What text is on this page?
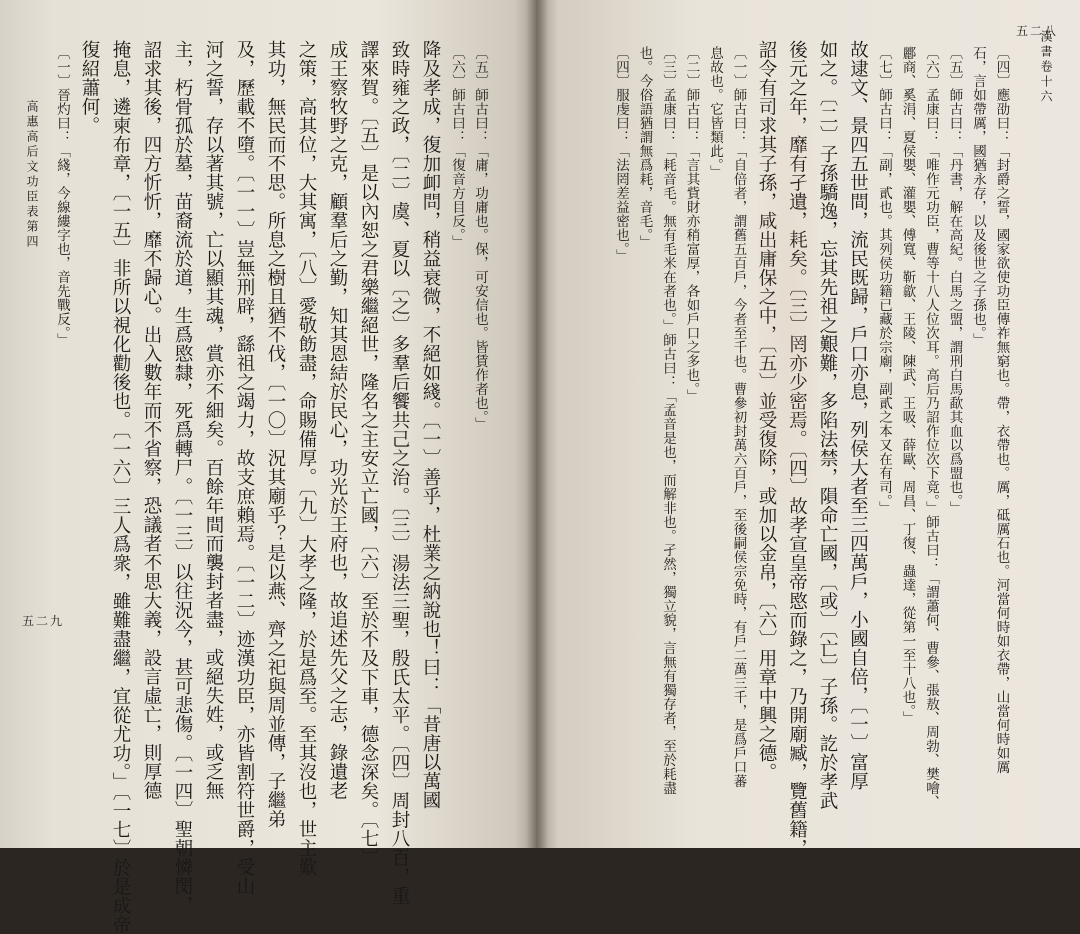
〔五〕師古曰：「庸，功庸也。保，可安信也。皆賃作者也。」
〔六〕師古曰：「復音方目反。」
降及孝成，復加卹問，稍益衰微，不絕如綫。〔一〕善乎，杜業之納說也！曰：「昔唐以萬國
致時雍之政，〔二〕虞、夏以〔之〕多羣后饗共己之治。〔三〕湯法三聖，殷氏太平。〔四〕周封八百，重
譯來賀。〔五〕是以內恕之君樂繼絕世，隆名之主安立亡國，〔六〕至於不及下車，德念深矣。〔七〕
成王察牧野之克，顧羣后之勤，知其恩結於民心，功光於王府也，故追述先父之志，錄遺老
之策，高其位，大其寓，〔八〕愛敬飭盡，命賜備厚。〔九〕大孝之隆，於是爲至。至其沒也，世主歎
其功，無民而不思。所息之樹且猶不伐，〔一〇〕況其廟乎？是以燕、齊之祀與周並傳，子繼弟
及，歷載不墮。〔一一〕豈無刑辟，繇祖之竭力，故支庶賴焉。〔一二〕迹漢功臣，亦皆割符世爵，受山
河之誓，存以著其號，亡以顯其魂，賞亦不細矣。百餘年間而襲封者盡，或絕失姓，或乏無
主，朽骨孤於墓，苗裔流於道，生爲愍隸，死爲轉尸。〔一三〕以往況今，甚可悲傷。〔一四〕聖朝憐閔，
詔求其後，四方忻忻，靡不歸心。出入數年而不省察，恐議者不思大義，設言虛亡，則厚德
掩息，遴柬布章，〔一五〕非所以視化勸後也。〔一六〕三人爲衆，雖難盡繼，宜從尤功。」〔一七〕於是成帝
復紹蕭何。
〔一〕晉灼曰：「綫，今線縷字也，音先戰反。」
高惠高后文功臣表第四
五二九	〔四〕應劭曰：「封爵之誓，國家欲使功臣傳祚無窮也。帶，衣帶也。厲，砥厲石也。河當何時如衣帶，山當何時如厲
石，言如帶厲，國猶永存，以及後世之子孫也。」
〔五〕師古曰：「丹書，解在高紀。白馬之盟，謂刑白馬歃其血以爲盟也。」
〔六〕孟康曰：「唯作元功臣，曹等十八人位次耳。高后乃詔作位次下竟。」師古曰：「謂蕭何、曹參、張敖、周勃、樊噲、
酈商、奚涓、夏侯嬰、灌嬰、傅寬、靳歙、王陵、陳武、王吸、薛歐、周昌、丁復、蟲達，從第一至十八也。」
〔七〕師古曰：「副，貳也。其列侯功籍已藏於宗廟，副貳之本又在有司。」
故逮文、景四五世間，流民既歸，戶口亦息，列侯大者至三四萬戶，小國自倍，〔一〕富厚
如之。〔二〕子孫驕逸，忘其先祖之艱難，多陷法禁，隕命亡國，〔或〕〔亡〕子孫。訖於孝武
後元之年，靡有孑遺，耗矣。〔三〕罔亦少密焉。〔四〕故孝宣皇帝愍而錄之，乃開廟臧，覽舊籍，
詔令有司求其子孫，咸出庸保之中，〔五〕並受復除，或加以金帛，〔六〕用章中興之德。
〔一〕師古曰：「自倍者，謂舊五百戶，今者至千也。曹參初封萬六百戶，至後嗣侯宗免時，有戶二萬三千，是爲戶口蕃
息故也。它皆類此。」
〔二〕師古曰：「言其貲財亦稍富厚，各如戶口之多也。」
〔三〕孟康曰：「耗音毛。無有毛米在者也。」師古曰：「孟音是也，而解非也。孑然，獨立貌，言無有獨存者，至於耗盡
也。今俗語猶謂無爲耗，音毛。」
〔四〕服虔曰：「法罔差益密也。」	漢書卷十六
五二八
